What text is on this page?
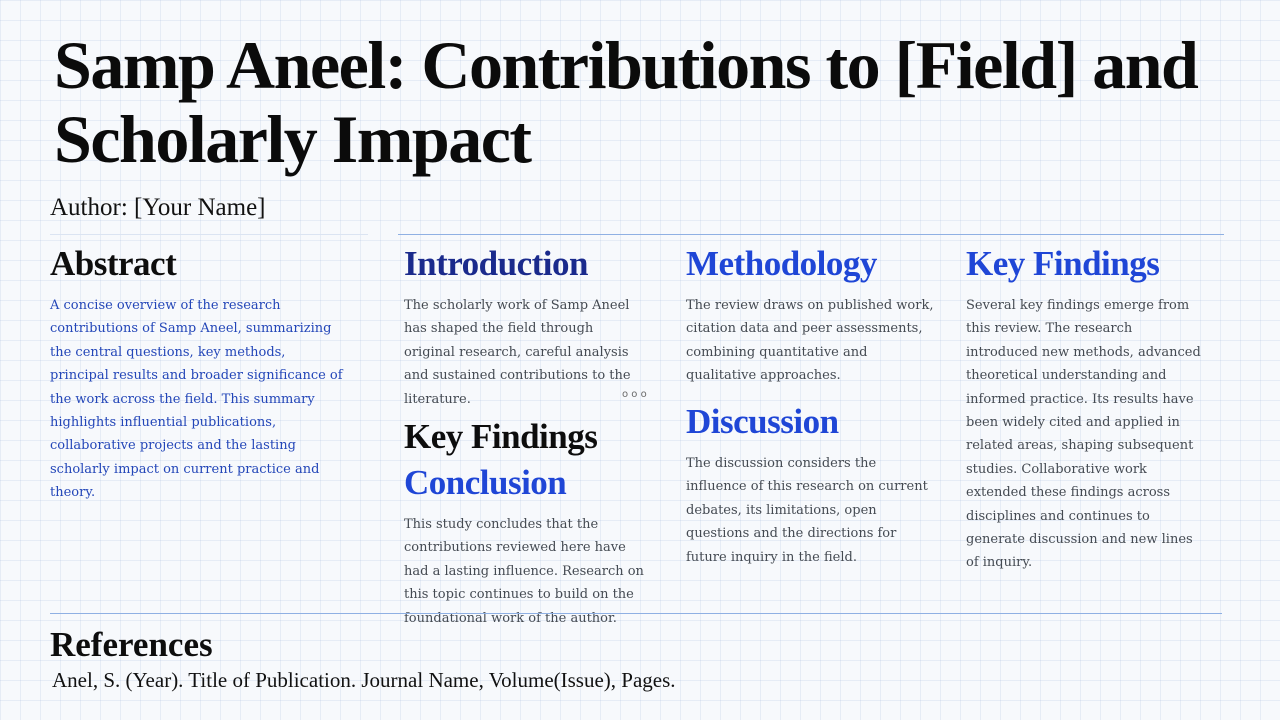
Samp Aneel: Contributions to [Field] and Scholarly Impact

Author: [Your Name]

Abstract

A concise overview of the research contributions of Samp Aneel, summarizing the central questions, key methods, principal results and broader significance of the work across the field. This summary highlights influential publications, collaborative projects and the lasting scholarly impact on current practice and theory.

Introduction

The scholarly work of Samp Aneel has shaped the field through original research, careful analysis and sustained contributions to the literature.

Key Findings
Conclusion

This study concludes that the contributions reviewed here have had a lasting influence. Research on this topic continues to build on the foundational work of the author.

o o o
Methodology

The review draws on published work, citation data and peer assessments, combining quantitative and qualitative approaches.

Discussion

The discussion considers the influence of this research on current debates, its limitations, open questions and the directions for future inquiry in the field.

Key Findings

Several key findings emerge from this review. The research introduced new methods, advanced theoretical understanding and informed practice. Its results have been widely cited and applied in related areas, shaping subsequent studies. Collaborative work extended these findings across disciplines and continues to generate discussion and new lines of inquiry.

References

Anel, S. (Year). Title of Publication. Journal Name, Volume(Issue), Pages.
